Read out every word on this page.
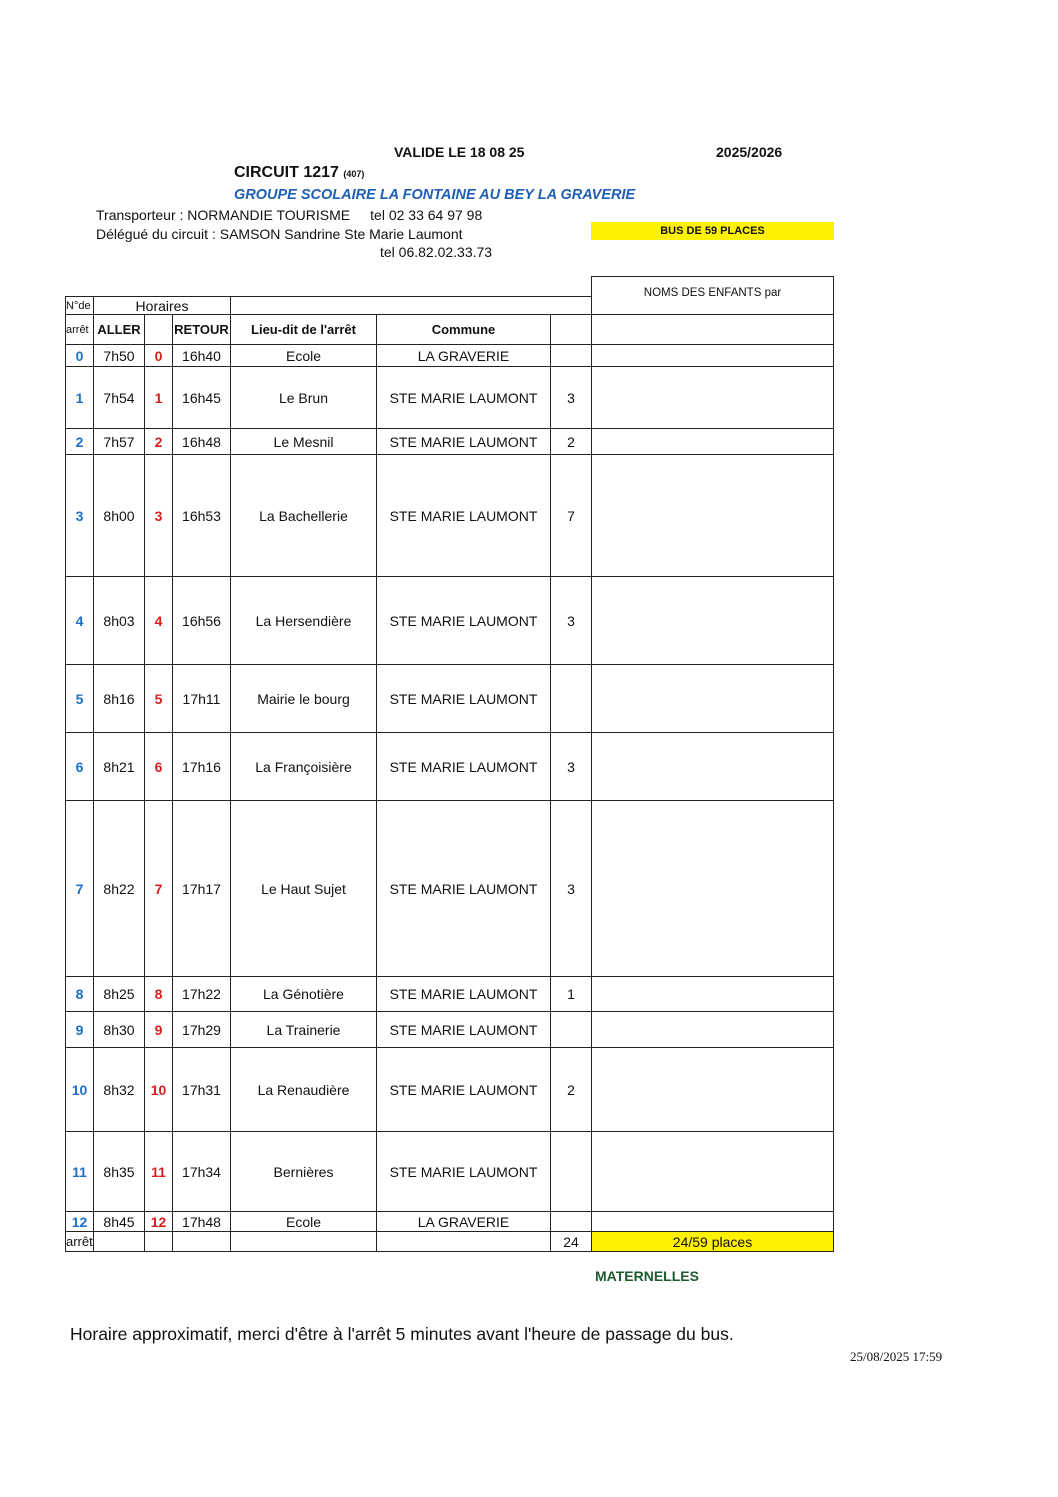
VALIDE LE 18 08 25	2025/2026
CIRCUIT 1217 (407)
GROUPE SCOLAIRE LA FONTAINE AU BEY LA GRAVERIE
Transporteur : NORMANDIE TOURISME tel 02 33 64 97 98
Délégué du circuit : SAMSON Sandrine Ste Marie Laumont
tel 06.82.02.33.73
BUS DE 59 PLACES
							NOMS DES ENFANTS par
N°de	Horaires						
arrêt	ALLER		RETOUR	Lieu-dit de l'arrêt	Commune		
0	7h50	0	16h40	Ecole	LA GRAVERIE		
1	7h54	1	16h45	Le Brun	STE MARIE LAUMONT	3	
2	7h57	2	16h48	Le Mesnil	STE MARIE LAUMONT	2	
3	8h00	3	16h53	La Bachellerie	STE MARIE LAUMONT	7	
4	8h03	4	16h56	La Hersendière	STE MARIE LAUMONT	3	
5	8h16	5	17h11	Mairie le bourg	STE MARIE LAUMONT		
6	8h21	6	17h16	La Françoisière	STE MARIE LAUMONT	3	
7	8h22	7	17h17	Le Haut Sujet	STE MARIE LAUMONT	3	
8	8h25	8	17h22	La Génotière	STE MARIE LAUMONT	1	
9	8h30	9	17h29	La Trainerie	STE MARIE LAUMONT		
10	8h32	10	17h31	La Renaudière	STE MARIE LAUMONT	2	
11	8h35	11	17h34	Bernières	STE MARIE LAUMONT		
12	8h45	12	17h48	Ecole	LA GRAVERIE		
arrêt						24	24/59 places
MATERNELLES
Horaire approximatif, merci d'être à l'arrêt 5 minutes avant l'heure de passage du bus.
25/08/2025 17:59
